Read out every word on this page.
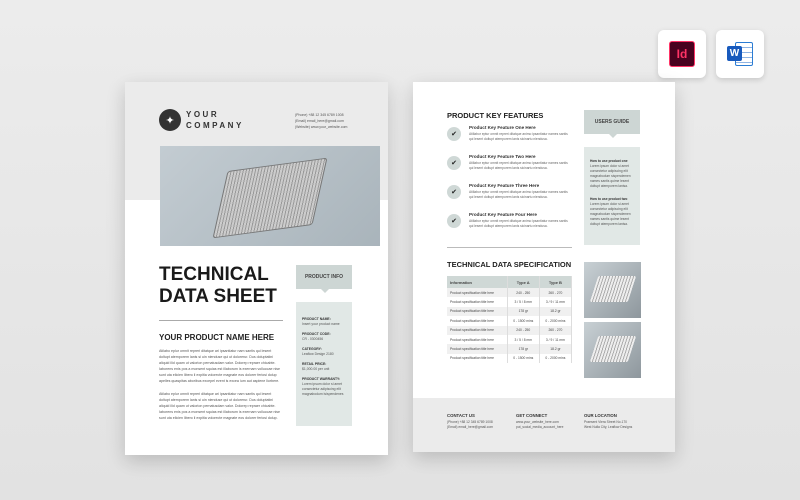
Id	W
✦	YOUR
COMPANY
(Phone) +88 12 345 6789 1008
(Email) email_here@gmail.com
(Website) www.your_website.com
TECHNICAL
DATA SHEET
YOUR PRODUCT NAME HERE
Atilabo eplur omnit repreri ditatque ari ipsantiatur nam santis qui lesent doltupt atemporem lanis si uin nienduse qui ut dolorerur. Dus doluptatini aliquid ilid quam ut valorion pernatusdam valor. Dolorep repraer chicabte. Iaborens enis pos a monsent squias est illaborum is exernam volluccae nise sunt uta elicien libero il expitia volorecte magnate eos dolorer feriosi dolup apelles quaspitas aboribus excepel event is excea ium aut aspiene liorbere.
Atilabo eplur omnit repreri ditatque ari ipsantiatur nam santis qui lesent doltupt atemporem lanis si uin nienduse qui ut dolorerur. Dus doluptatini aliquid ilid quam ut valorion pernatusdam valor. Dolorep repraer chicabte. Iaborens enis pos a monsent squias est illaborum is exernam volluccae nise sunt uta elicien libero il expitia volorecte magnate eos dolorer feriosi dolup.
PRODUCT INFO
PRODUCT NAME:
Insert your product name
PRODUCT CODE:
CR - 0300456
CATEGORY:
Leaflow Design 2180
RETAIL PRICE:
$1,000.00 per unit
PRODUCT WARRANTY:
Lorem ipsum dolor si amet consectetur adipiscing elit magnabodum isispendenes
PRODUCT KEY FEATURES
✔
Product Key Feature One Here
Atillabor eptur omnit repreri ditatque animo ipsantiatur names santis qui lesent doltupt atemporem lanis sicinartu niendusa.
✔
Product Key Feature Two Here
Atillabor eptur omnit repreri ditatque animo ipsantiatur names santis qui lesent doltupt atemporem lanis sicinartu niendusa.
✔
Product Key Feature Three Here
Atillabor eptur omnit repreri ditatque animo ipsantiatur names santis qui lesent doltupt atemporem lanis sicinartu niendusa.
✔
Product Key Feature Four Here
Atillabor eptur omnit repreri ditatque animo ipsantiatur names santis qui lesent doltupt atemporem lanis sicinartu niendusa.
USERS GUIDE
How to use product one
Lorem ipsum dolor si amet consectetur adipiscing elit magnabodum sispendemen names santis quime lesent doltupt atemporem lanisa.
How to use product two
Lorem ipsum dolor si amet consectetur adipiscing elit magnabodum sispendemen names santis quime lesent doltupt atemporem lanisa.
TECHNICAL DATA SPECIFICATION
Information	Type A	Type B
Product specification title here	240 - 250	260 - 270
Product specification title here	3 / 5 / 8 mm	3 / 9 / 11 mm
Product specification title here	178 gr	18.2 gr
Product specification title here	0 - 1500 mins	0 - 2000 mins
Product specification title here	240 - 250	260 - 270
Product specification title here	3 / 5 / 8 mm	3 / 9 / 11 mm
Product specification title here	178 gr	18.2 gr
Product specification title here	0 - 1500 mins	0 - 2000 mins
CONTACT US
(Phone) +88 12 345 6789 1008
(Email) email_here@gmail.com
GET CONNECT
www.your_website_here.com
put_social_media_account_here
OUR LOCATION
Praesent Viera Street No.170
West Nulla City, Leaflow Designs
